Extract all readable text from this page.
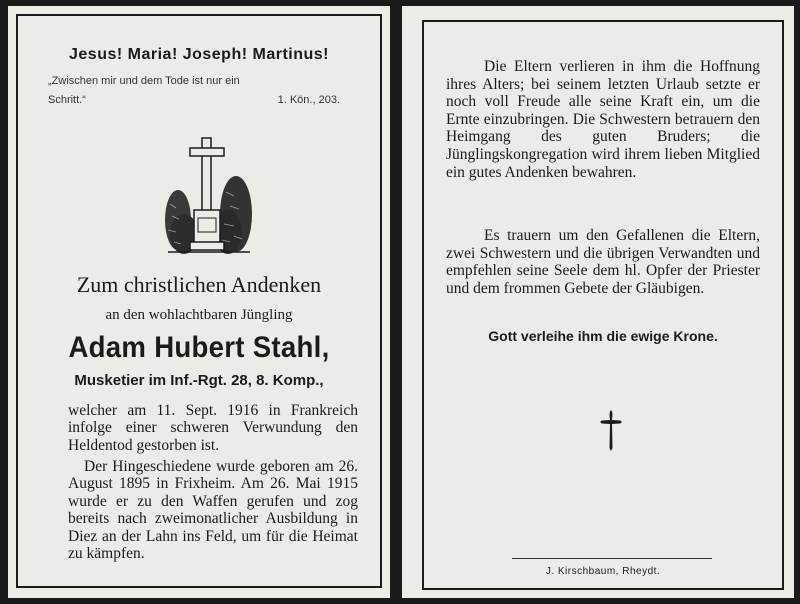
Jesus! Maria! Joseph! Martinus!
„Zwischen mir und dem Tode ist nur ein
Schritt.“	1. Kön., 203.
Zum christlichen Andenken
an den wohlachtbaren Jüngling
Adam Hubert Stahl,
Musketier im Inf.-Rgt. 28, 8. Komp.,
welcher am 11. Sept. 1916 in Frankreich
infolge einer schweren Verwundung den Heldentod gestorben ist.
Der Hingeschiedene wurde geboren am 26. August 1895 in Frixheim. Am 26. Mai 1915 wurde er zu den Waffen gerufen und zog bereits nach zweimonatlicher Ausbildung in Diez an der Lahn ins Feld, um für die Heimat zu kämpfen.
Die Eltern verlieren in ihm die Hoffnung ihres Alters; bei seinem letzten Urlaub setzte er noch voll Freude alle seine Kraft ein, um die Ernte einzubringen. Die Schwestern betrauern den Heimgang des guten Bruders; die Jünglingskongregation wird ihrem lieben Mitglied ein gutes Andenken bewahren.
Es trauern um den Gefallenen die Eltern, zwei Schwestern und die übrigen Verwandten und empfehlen seine Seele dem hl. Opfer der Priester und dem frommen Gebete der Gläubigen.
Gott verleihe ihm die ewige Krone.
J. Kirschbaum, Rheydt.
